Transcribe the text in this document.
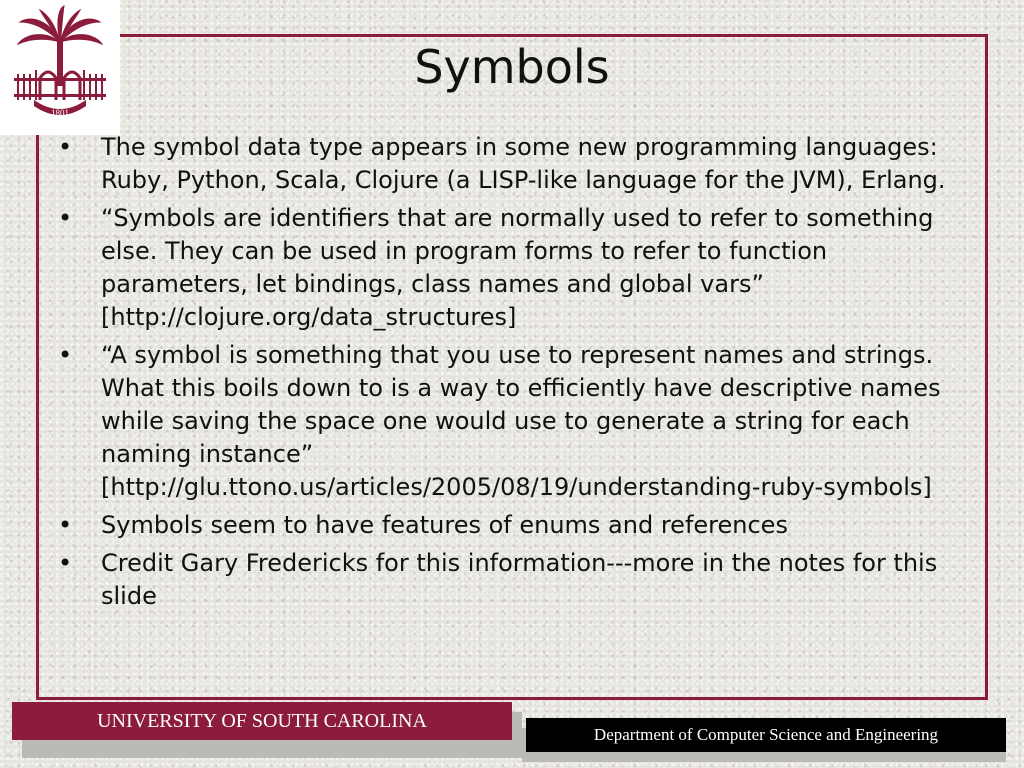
1801
Symbols
• The symbol data type appears in some new programming languages: Ruby, Python, Scala, Clojure (a LISP-like language for the JVM), Erlang.
• “Symbols are identifiers that are normally used to refer to something else. They can be used in program forms to refer to function parameters, let bindings, class names and global vars” [http://clojure.org/data_structures]
• “A symbol is something that you use to represent names and strings. What this boils down to is a way to efficiently have descriptive names while saving the space one would use to generate a string for each naming instance” [http://glu.ttono.us/articles/2005/08/19/understanding-ruby-symbols]
• Symbols seem to have features of enums and references
• Credit Gary Fredericks for this information---more in the notes for this slide
UNIVERSITY OF SOUTH CAROLINA
Department of Computer Science and Engineering
